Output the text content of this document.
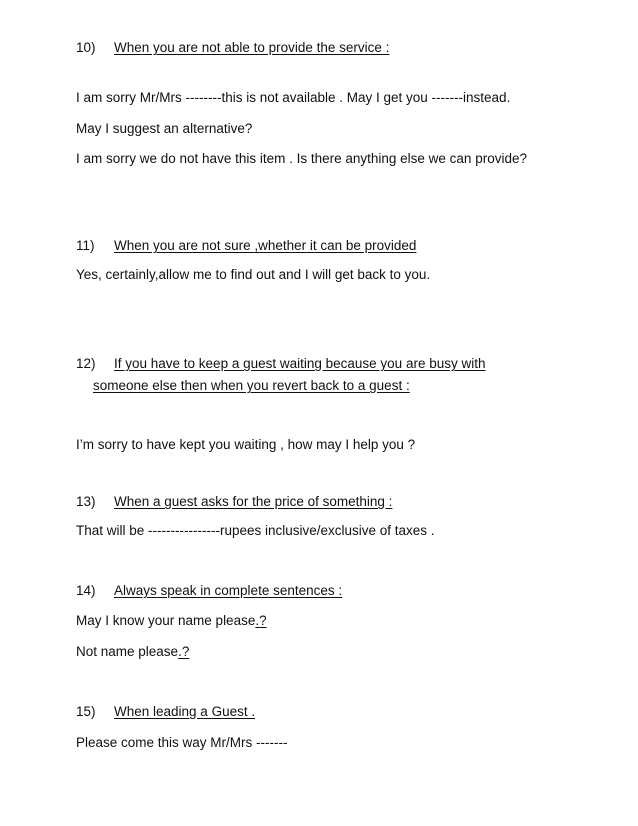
10) When you are not able to provide the service :
I am sorry Mr/Mrs --------this is not available . May I get you -------instead.
May I suggest an alternative?
I am sorry we do not have this item . Is there anything else we can provide?
11) When you are not sure ,whether it can be provided
Yes, certainly,allow me to find out and I will get back to you.
12) If you have to keep a guest waiting because you are busy with
someone else then when you revert back to a guest :
I’m sorry to have kept you waiting , how may I help you ?
13) When a guest asks for the price of something :
That will be ----------------rupees inclusive/exclusive of taxes .
14) Always speak in complete sentences :
May I know your name please.?
Not name please.?
15) When leading a Guest .
Please come this way Mr/Mrs -------
